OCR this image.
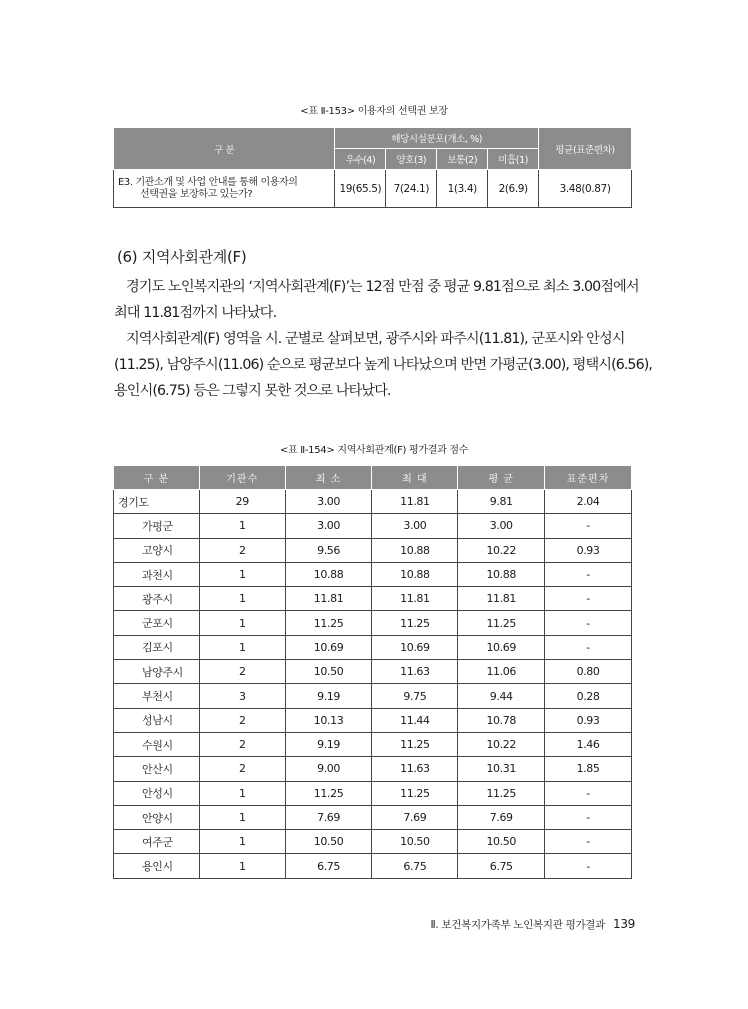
<표 Ⅱ-153> 이용자의 선택권 보장
구 분	해당시설분포(개소, %)				평균(표준편차)
	우수(4)	양호(3)	보통(2)	미흡(1)	

E3. 기관소개 및 사업 안내를 통해 이용자의
선택권을 보장하고 있는가?	19(65.5)	7(24.1)	1(3.4)	2(6.9)	3.48(0.87)
(6) 지역사회관계(F)
경기도 노인복지관의 ‘지역사회관계(F)’는 12점 만점 중 평균 9.81점으로 최소 3.00점에서
최대 11.81점까지 나타났다.
지역사회관계(F) 영역을 시. 군별로 살펴보면, 광주시와 파주시(11.81), 군포시와 안성시
(11.25), 남양주시(11.06) 순으로 평균보다 높게 나타났으며 반면 가평군(3.00), 평택시(6.56),
용인시(6.75) 등은 그렇지 못한 것으로 나타났다.
<표 Ⅱ-154> 지역사회관계(F) 평가결과 점수
구 분	기관수	최 소	최 대	평 균	표준편차
경기도	29	3.00	11.81	9.81	2.04
가평군	1	3.00	3.00	3.00	-
고양시	2	9.56	10.88	10.22	0.93
과천시	1	10.88	10.88	10.88	-
광주시	1	11.81	11.81	11.81	-
군포시	1	11.25	11.25	11.25	-
김포시	1	10.69	10.69	10.69	-
남양주시	2	10.50	11.63	11.06	0.80
부천시	3	9.19	9.75	9.44	0.28
성남시	2	10.13	11.44	10.78	0.93
수원시	2	9.19	11.25	10.22	1.46
안산시	2	9.00	11.63	10.31	1.85
안성시	1	11.25	11.25	11.25	-
안양시	1	7.69	7.69	7.69	-
여주군	1	10.50	10.50	10.50	-
용인시	1	6.75	6.75	6.75	-
Ⅱ. 보건복지가족부 노인복지관 평가결과 139
